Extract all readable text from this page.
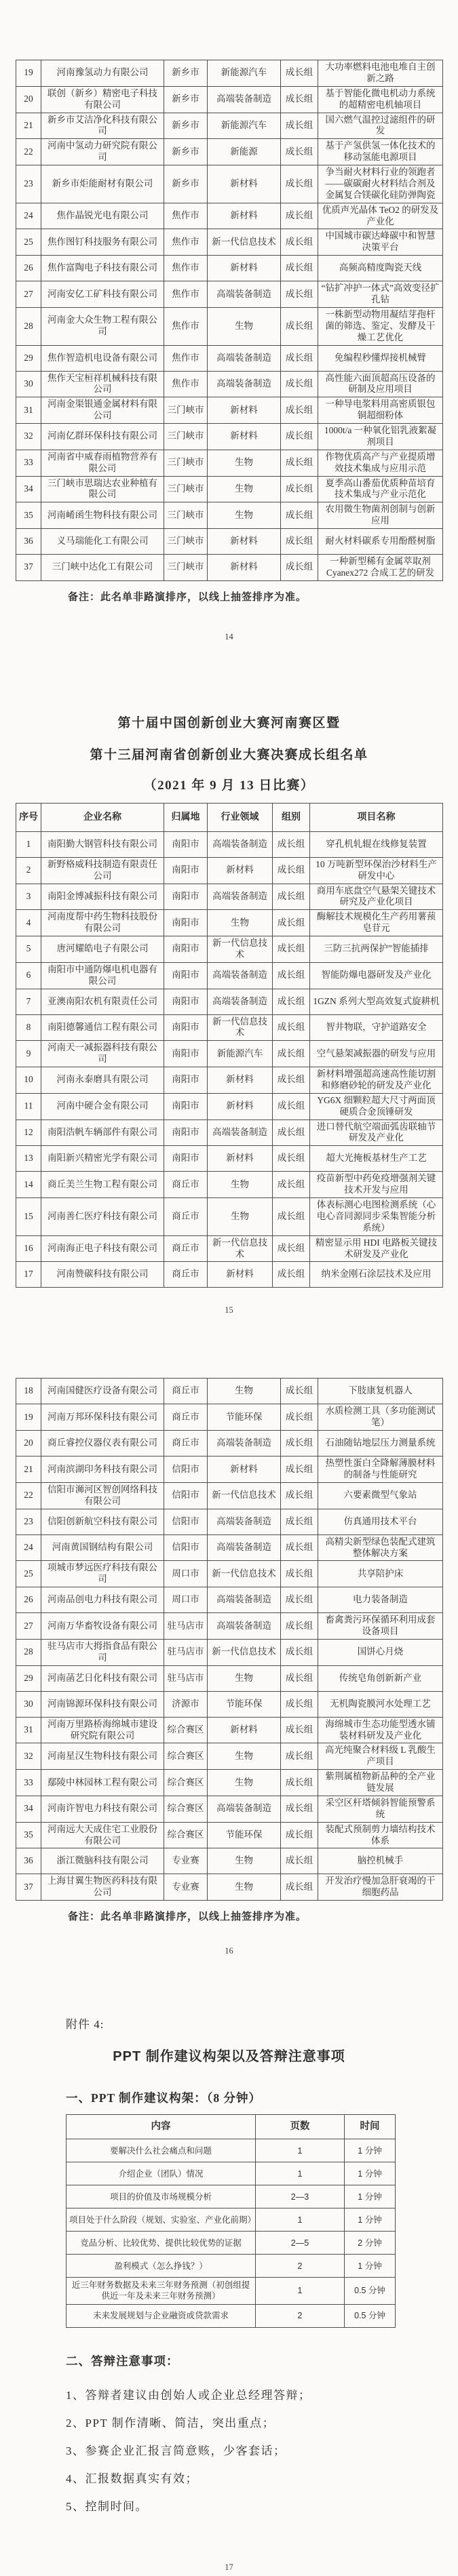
19	河南豫氢动力有限公司	新乡市	新能源汽车	成长组	大功率燃料电池电堆自主创新之路
20	联创（新乡）精密电子科技有限公司	新乡市	高端装备制造	成长组	基于智能化微电机动力系统的超精密电机轴项目
21	新乡市艾洁净化科技有限公司	新乡市	新能源汽车	成长组	国六燃气温控过滤组件的研发
22	河南中氢动力研究院有限公司	新乡市	新能源	成长组	基于产氢供氢一体化技术的移动氢能电源项目
23	新乡市炬能耐材有限公司	新乡市	新材料	成长组	争当耐火材料行业的领跑者——碳碳耐火材料结合剂及金属复合镁碳化硅防弹陶瓷
24	焦作晶锐光电有限公司	焦作市	新材料	成长组	优质声光晶体 TeO2 的研发及产业化
25	焦作图钉科技服务有限公司	焦作市	新一代信息技术	成长组	中国城市碳达峰碳中和智慧决策平台
26	焦作富陶电子科技有限公司	焦作市	新材料	成长组	高频高精度陶瓷天线
27	河南安亿工矿科技有限公司	焦作市	高端装备制造	成长组	“钻扩冲护一体式”高效变径扩孔钻
28	河南金大众生物工程有限公司	焦作市	生物	成长组	一株新型动物用凝结芽孢杆菌的筛选、鉴定、发酵及干燥工艺优化
29	焦作智造机电设备有限公司	焦作市	高端装备制造	成长组	免编程秒懂焊接机械臂
30	焦作天宝桓祥机械科技有限公司	焦作市	高端装备制造	成长组	高性能六面顶超高压设备的研制及应用项目
31	河南金渠银通金属材料有限公司	三门峡市	新材料	成长组	一种导电浆料用高密质银包铜超细粉体
32	河南亿群环保科技有限公司	三门峡市	新材料	成长组	1000t/a 一种氧化铝乳液絮凝剂项目
33	河南省中威春雨植物营养有限公司	三门峡市	生物	成长组	作物优质高产与产业提质增效技术集成与应用示范
34	三门峡市思瑞达农业种植有限公司	三门峡市	生物	成长组	夏季高山番茄优质种苗培育技术集成与产业示范化
35	河南崤函生物科技有限公司	三门峡市	生物	成长组	农用微生物菌剂创制与创新应用
36	义马瑞能化工有限公司	三门峡市	新材料	成长组	耐火材料碳系专用酚醛树脂
37	三门峡中达化工有限公司	三门峡市	新材料	成长组	一种新型稀有金属萃取剂 Cyanex272 合成工艺的研发

备注：此名单非路演排序，以线上抽签排序为准。

14

第十届中国创新创业大赛河南赛区暨
第十三届河南省创新创业大赛决赛成长组名单
（2021 年 9 月 13 日比赛）
序号	企业名称	归属地	行业领域	组别	项目名称
1	南阳勤大钢管科技有限公司	南阳市	高端装备制造	成长组	穿孔机轧辊在线修复装置
2	新野格威科技制造有限责任公司	南阳市	新材料	成长组	10 万吨新型环保治沙材料生产研发中心
3	南阳金博减振科技有限公司	南阳市	高端装备制造	成长组	商用车底盘空气悬架关键技术研究及产业化项目
4	河南度帮中药生物科技股份有限公司	南阳市	生物	成长组	酶解技术规模化生产药用薯蓣皂苷元
5	唐河耀皓电子有限公司	南阳市	新一代信息技术	成长组	三防三抗两保护”智能插排
6	南阳市中通防爆电机电器有限公司	南阳市	高端装备制造	成长组	智能防爆电器研发及产业化
7	亚澳南阳农机有限责任公司	南阳市	高端装备制造	成长组	1GZN 系列大型高效复式旋耕机
8	南阳德馨通信工程有限公司	南阳市	新一代信息技术	成长组	智井物联，守护道路安全
9	河南天一减振器科技有限公司	南阳市	新能源汽车	成长组	空气悬架减振器的研发与应用
10	河南永泰磨具有限公司	南阳市	新材料	成长组	新材料增强超高速高性能切割和修磨砂轮的研发及产业化
11	河南中硬合金有限公司	南阳市	新材料	成长组	YG6X 细颗粒超大尺寸两面顶硬质合金顶锤研发
12	南阳浩帆车辆部件有限公司	南阳市	高端装备制造	成长组	进口替代航空端面弧齿联轴节研发及产业化
13	南阳新兴精密光学有限公司	南阳市	新材料	成长组	超大光掩板基材生产工艺
14	商丘美兰生物工程有限公司	商丘市	生物	成长组	疫苗新型中药免疫增强剂关键技术开发与应用
15	河南善仁医疗科技有限公司	商丘市	生物	成长组	体表标测心电图检测系统（心电心音同源同步采集智能分析系统）
16	河南海正电子科技有限公司	商丘市	新一代信息技术	成长组	精密显示用 HDI 电路板关键技术研发及产业化
17	河南赞碳科技有限公司	商丘市	新材料	成长组	纳米金刚石涂层技术及应用

15

18	河南国健医疗设备有限公司	商丘市	生物	成长组	下肢康复机器人
19	河南万邦环保科技有限公司	商丘市	节能环保	成长组	水质检测工具（多功能测试笔）
20	商丘睿控仪器仪表有限公司	商丘市	高端装备制造	成长组	石油随钻地层压力测量系统
21	河南滨湖印务科技有限公司	信阳市	新材料	成长组	热塑性蛋白全降解薄膜材料的制备与性能研究
22	信阳市浉河区智创网络科技有限公司	信阳市	新一代信息技术	成长组	六要素微型气象站
23	信阳创新航空科技有限公司	信阳市	高端装备制造	成长组	仿真通用技术平台
24	河南黄国钢结构有限公司	信阳市	高端装备制造	成长组	高精尖新型绿色装配式建筑整体解决方案
25	项城市梦远医疗科技有限公司	周口市	新一代信息技术	成长组	共享陪护床
26	河南品创电力科技有限公司	周口市	高端装备制造	成长组	电力装备制造
27	河南万华畜牧设备有限公司	驻马店市	高端装备制造	成长组	畜禽粪污环保循环利用成套设备项目
28	驻马店市大拇指食品有限公司	驻马店市	新一代信息技术	成长组	国饼心月烧
29	河南菡艺日化科技有限公司	驻马店市	生物	成长组	传统皂角创新新产业
30	河南锦源环保科技有限公司	济源市	节能环保	成长组	无机陶瓷膜河水处理工艺
31	河南万里路桥海绵城市建设研究院有限公司	综合赛区	新材料	成长组	海绵城市生态功能型透水铺装材料研发及产业化
32	河南星汉生物科技有限公司	综合赛区	生物	成长组	高光纯聚合材料级 L 乳酸生产项目
33	鄢陵中林园林工程有限公司	综合赛区	生物	成长组	紫荆属植物新品种的全产业链发展
34	河南许智电力科技有限公司	综合赛区	高端装备制造	成长组	采空区杆塔倾斜智能预警系统
35	河南远大天成住宅工业股份有限公司	综合赛区	节能环保	成长组	装配式预制剪力墙结构技术体系
36	浙江微脑科技有限公司	专业赛	生物	成长组	脑控机械手
37	上海甘翼生物医药科技有限公司	专业赛	生物	成长组	开发治疗慢加急肝衰竭的干细胞药品

备注：此名单非路演排序，以线上抽签排序为准。

16

附件 4:

PPT 制作建议构架以及答辩注意事项
一、PPT 制作建议构架：（8 分钟）
内容	页数	时间
要解决什么社会痛点和问题	1	1 分钟
介绍企业（团队）情况	1	1 分钟
项目的价值及市场规模分析	2—3	1 分钟
项目处于什么阶段（规划、实验室、产业化前期）	1	1 分钟
竞品分析、比较优势、提供比较优势的证据	2—5	2 分钟
盈利模式（怎么挣钱？）	2	1 分钟
近三年财务数据及未来三年财务预测（初创组提供近一年及未来三年财务预测）	1	0.5 分钟
未来发展规划与企业融资或贷款需求	2	0.5 分钟
二、答辩注意事项：

1、答辩者建议由创始人或企业总经理答辩；

2、PPT 制作清晰、简洁，突出重点；

3、参赛企业汇报言简意赅，少客套话；

4、汇报数据真实有效；

5、控制时间。

17
